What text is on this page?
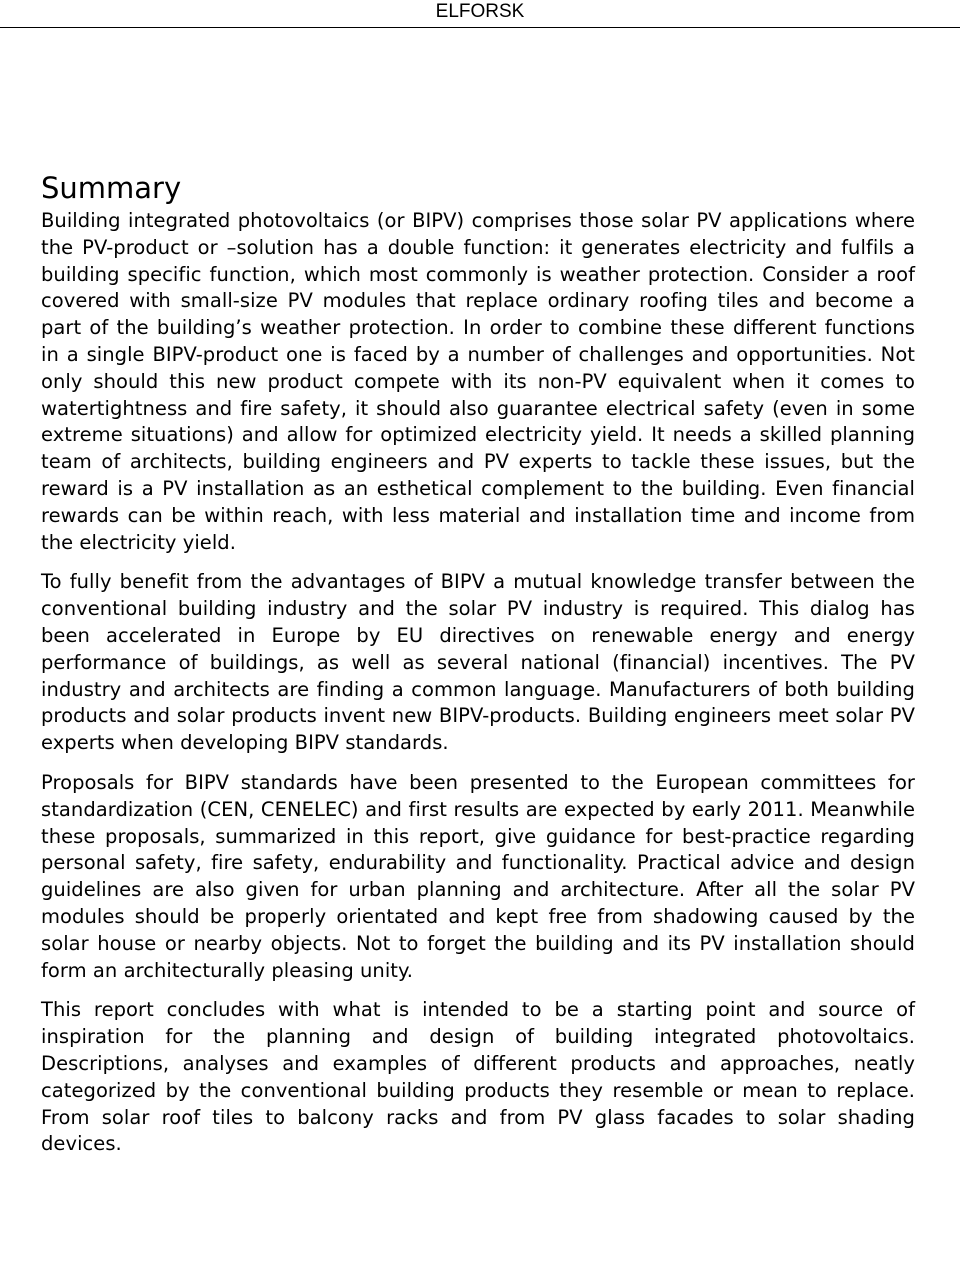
ELFORSK
Summary

Building integrated photovoltaics (or BIPV) comprises those solar PV applications where the PV-product or –solution has a double function: it generates electricity and fulfils a building specific function, which most commonly is weather protection. Consider a roof covered with small-size PV modules that replace ordinary roofing tiles and become a part of the building’s weather protection. In order to combine these different functions in a single BIPV-product one is faced by a number of challenges and opportunities. Not only should this new product compete with its non-PV equivalent when it comes to watertightness and fire safety, it should also guarantee electrical safety (even in some extreme situations) and allow for optimized electricity yield. It needs a skilled planning team of architects, building engineers and PV experts to tackle these issues, but the reward is a PV installation as an esthetical complement to the building. Even financial rewards can be within reach, with less material and installation time and income from the electricity yield.

To fully benefit from the advantages of BIPV a mutual knowledge transfer between the conventional building industry and the solar PV industry is required. This dialog has been accelerated in Europe by EU directives on renewable energy and energy performance of buildings, as well as several national (financial) incentives. The PV industry and architects are finding a common language. Manufacturers of both building products and solar products invent new BIPV-products. Building engineers meet solar PV experts when developing BIPV standards.

Proposals for BIPV standards have been presented to the European committees for standardization (CEN, CENELEC) and first results are expected by early 2011. Meanwhile these proposals, summarized in this report, give guidance for best-practice regarding personal safety, fire safety, endurability and functionality. Practical advice and design guidelines are also given for urban planning and architecture. After all the solar PV modules should be properly orientated and kept free from shadowing caused by the solar house or nearby objects. Not to forget the building and its PV installation should form an architecturally pleasing unity.

This report concludes with what is intended to be a starting point and source of inspiration for the planning and design of building integrated photovoltaics. Descriptions, analyses and examples of different products and approaches, neatly categorized by the conventional building products they resemble or mean to replace. From solar roof tiles to balcony racks and from PV glass facades to solar shading devices.
